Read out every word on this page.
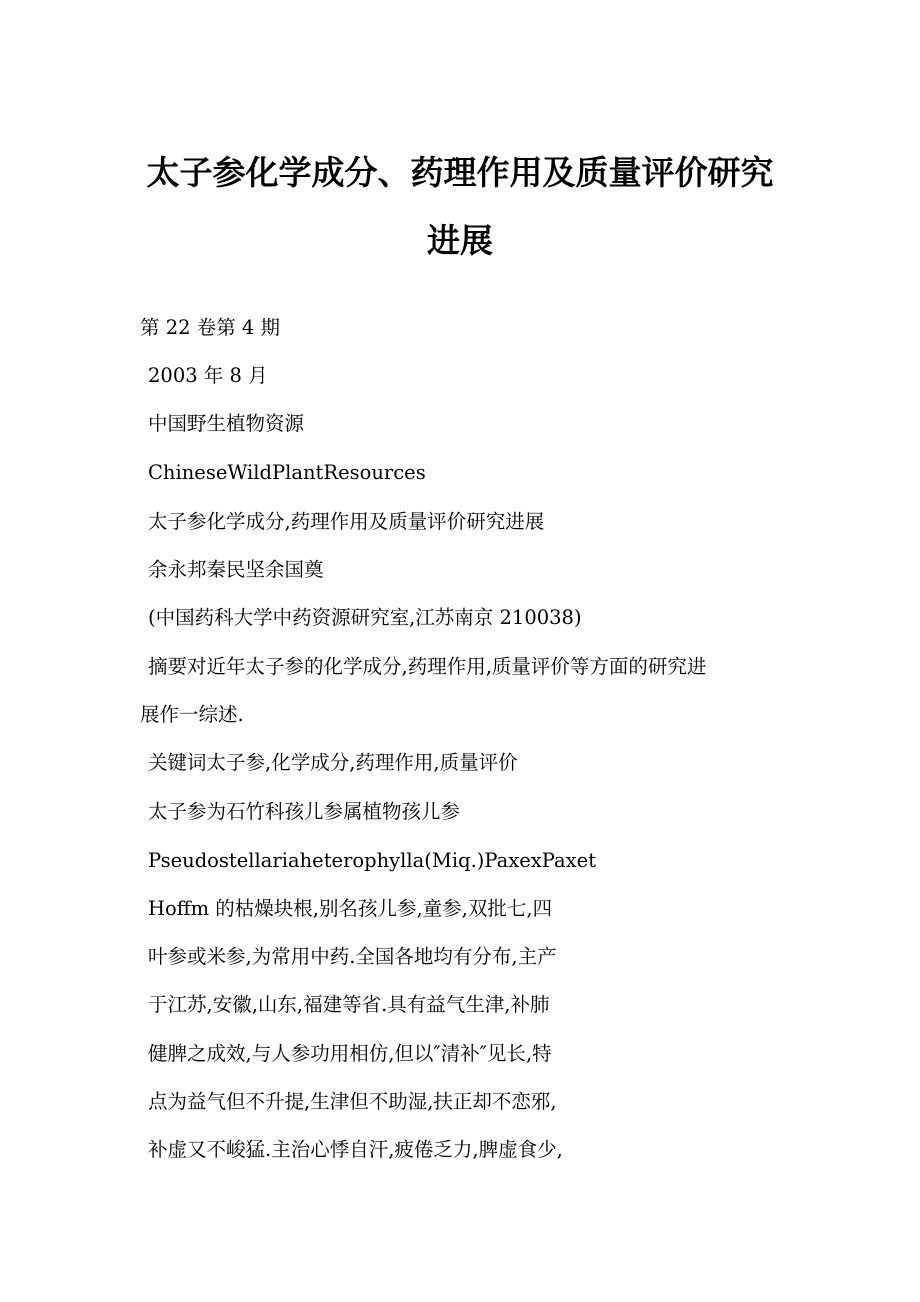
太子参化学成分、药理作用及质量评价研究
进展

第 22 卷第 4 期

2003 年 8 月

中国野生植物资源

ChineseWildPlantResources

太子参化学成分,药理作用及质量评价研究进展

余永邦秦民坚余国奠

(中国药科大学中药资源研究室,江苏南京 210038)

摘要对近年太子参的化学成分,药理作用,质量评价等方面的研究进

展作一综述.

关键词太子参,化学成分,药理作用,质量评价

太子参为石竹科孩儿参属植物孩儿参

Pseudostellariaheterophylla(Miq.)PaxexPaxet

Hoffm 的枯燥块根,别名孩儿参,童参,双批七,四

叶参或米参,为常用中药.全国各地均有分布,主产

于江苏,安徽,山东,福建等省.具有益气生津,补肺

健脾之成效,与人参功用相仿,但以″清补″见长,特

点为益气但不升提,生津但不助湿,扶正却不恋邪,

补虚又不峻猛.主治心悸自汗,疲倦乏力,脾虚食少,
